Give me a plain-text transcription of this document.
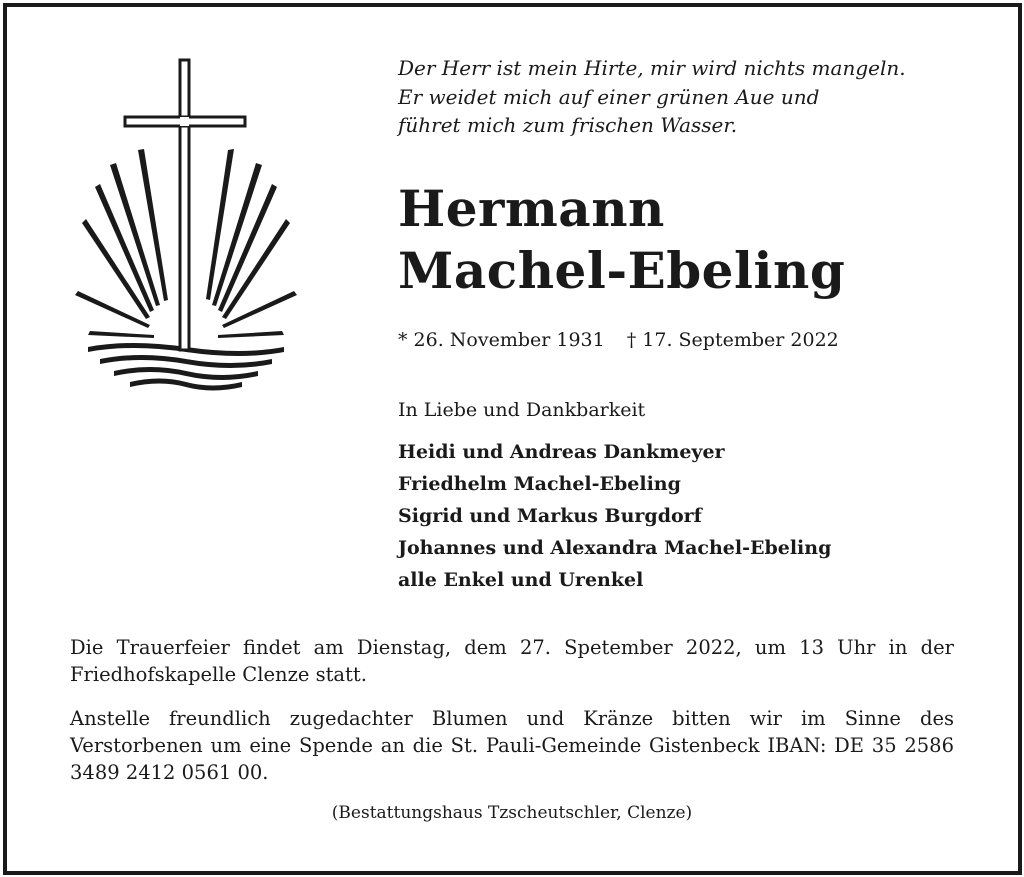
Der Herr ist mein Hirte, mir wird nichts mangeln.
Er weidet mich auf einer grünen Aue und
führet mich zum frischen Wasser.
Hermann
Machel-Ebeling
* 26. November 1931 † 17. September 2022
In Liebe und Dankbarkeit
Heidi und Andreas Dankmeyer
Friedhelm Machel-Ebeling
Sigrid und Markus Burgdorf
Johannes und Alexandra Machel-Ebeling
alle Enkel und Urenkel
Die Trauerfeier findet am Dienstag, dem 27. Spetember 2022, um 13 Uhr in der Friedhofskapelle Clenze statt.
Anstelle freundlich zugedachter Blumen und Kränze bitten wir im Sinne des Verstorbenen um eine Spende an die St. Pauli-Gemeinde Gistenbeck IBAN: DE 35 2586 3489 2412 0561 00.
(Bestattungshaus Tzscheutschler, Clenze)
